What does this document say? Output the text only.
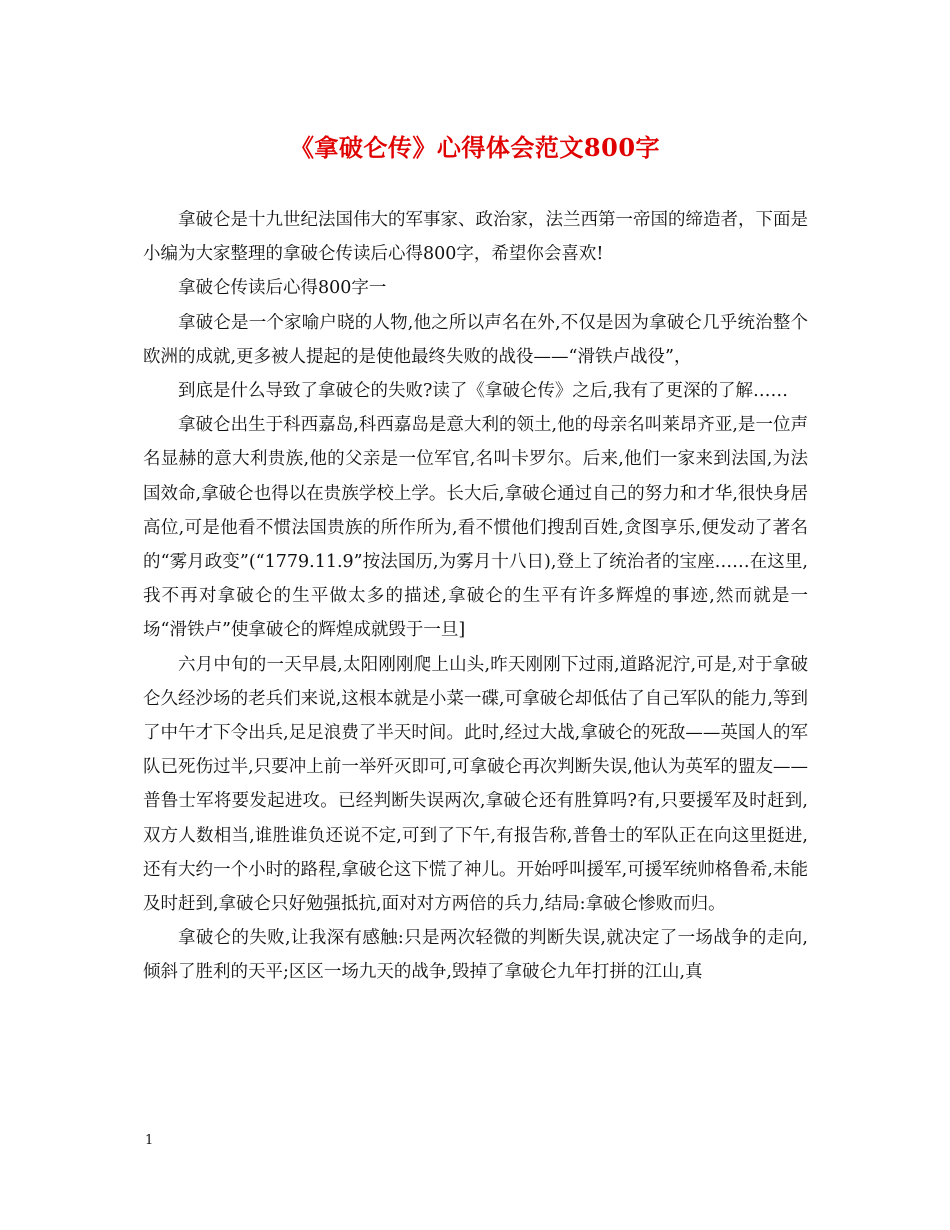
《拿破仑传》心得体会范文800字

拿破仑是十九世纪法国伟大的军事家、政治家，法兰西第一帝国的缔造者，下面是小编为大家整理的拿破仑传读后心得800字，希望你会喜欢!

拿破仑传读后心得800字一

拿破仑是一个家喻户晓的人物,他之所以声名在外,不仅是因为拿破仑几乎统治整个欧洲的成就,更多被人提起的是使他最终失败的战役——“滑铁卢战役”，

到底是什么导致了拿破仑的失败?读了《拿破仑传》之后,我有了更深的了解……

拿破仑出生于科西嘉岛,科西嘉岛是意大利的领土,他的母亲名叫莱昂齐亚,是一位声名显赫的意大利贵族,他的父亲是一位军官,名叫卡罗尔。后来,他们一家来到法国,为法国效命,拿破仑也得以在贵族学校上学。长大后,拿破仑通过自己的努力和才华,很快身居高位,可是他看不惯法国贵族的所作所为,看不惯他们搜刮百姓,贪图享乐,便发动了著名的“雾月政变”(“1779.11.9”按法国历,为雾月十八日),登上了统治者的宝座……在这里,我不再对拿破仑的生平做太多的描述,拿破仑的生平有许多辉煌的事迹,然而就是一场“滑铁卢”使拿破仑的辉煌成就毁于一旦]

六月中旬的一天早晨,太阳刚刚爬上山头,昨天刚刚下过雨,道路泥泞,可是,对于拿破仑久经沙场的老兵们来说,这根本就是小菜一碟,可拿破仑却低估了自己军队的能力,等到了中午才下令出兵,足足浪费了半天时间。此时,经过大战,拿破仑的死敌——英国人的军队已死伤过半,只要冲上前一举歼灭即可,可拿破仑再次判断失误,他认为英军的盟友——普鲁士军将要发起进攻。已经判断失误两次,拿破仑还有胜算吗?有,只要援军及时赶到,双方人数相当,谁胜谁负还说不定,可到了下午,有报告称,普鲁士的军队正在向这里挺进,还有大约一个小时的路程,拿破仑这下慌了神儿。开始呼叫援军,可援军统帅格鲁希,未能及时赶到,拿破仑只好勉强抵抗,面对对方两倍的兵力,结局:拿破仑惨败而归。

拿破仑的失败,让我深有感触:只是两次轻微的判断失误,就决定了一场战争的走向,倾斜了胜利的天平;区区一场九天的战争,毁掉了拿破仑九年打拼的江山,真

1
